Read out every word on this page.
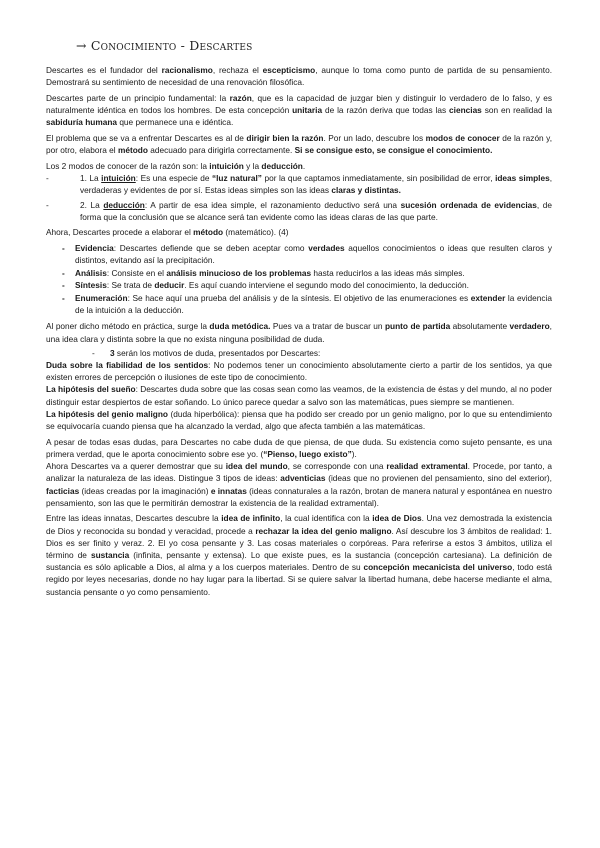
→ Conocimiento - Descartes

Descartes es el fundador del racionalismo, rechaza el escepticismo, aunque lo toma como punto de partida de su pensamiento. Demostrará su sentimiento de necesidad de una renovación filosófica.

Descartes parte de un principio fundamental: la razón, que es la capacidad de juzgar bien y distinguir lo verdadero de lo falso, y es naturalmente idéntica en todos los hombres. De esta concepción unitaria de la razón deriva que todas las ciencias son en realidad la sabiduría humana que permanece una e idéntica.

El problema que se va a enfrentar Descartes es al de dirigir bien la razón. Por un lado, descubre los modos de conocer de la razón y, por otro, elabora el método adecuado para dirigirla correctamente. Si se consigue esto, se consigue el conocimiento.

Los 2 modos de conocer de la razón son: la intuición y la deducción.

-	1. La intuición: Es una especie de “luz natural” por la que captamos inmediatamente, sin posibilidad de error, ideas simples, verdaderas y evidentes de por sí. Estas ideas simples son las ideas claras y distintas.
-	2. La deducción: A partir de esa idea simple, el razonamiento deductivo será una sucesión ordenada de evidencias, de forma que la conclusión que se alcance será tan evidente como las ideas claras de las que parte.

Ahora, Descartes procede a elaborar el método (matemático). (4)

-	Evidencia: Descartes defiende que se deben aceptar como verdades aquellos conocimientos o ideas que resulten claros y distintos, evitando así la precipitación.
-	Análisis: Consiste en el análisis minucioso de los problemas hasta reducirlos a las ideas más simples.
-	Síntesis: Se trata de deducir. Es aquí cuando interviene el segundo modo del conocimiento, la deducción.
-	Enumeración: Se hace aquí una prueba del análisis y de la síntesis. El objetivo de las enumeraciones es extender la evidencia de la intuición a la deducción.

Al poner dicho método en práctica, surge la duda metódica. Pues va a tratar de buscar un punto de partida absolutamente verdadero, una idea clara y distinta sobre la que no exista ninguna posibilidad de duda.

-	3 serán los motivos de duda, presentados por Descartes:

Duda sobre la fiabilidad de los sentidos: No podemos tener un conocimiento absolutamente cierto a partir de los sentidos, ya que existen errores de percepción o ilusiones de este tipo de conocimiento.

La hipótesis del sueño: Descartes duda sobre que las cosas sean como las veamos, de la existencia de éstas y del mundo, al no poder distinguir estar despiertos de estar soñando. Lo único parece quedar a salvo son las matemáticas, pues siempre se mantienen.

La hipótesis del genio maligno (duda hiperbólica): piensa que ha podido ser creado por un genio maligno, por lo que su entendimiento se equivocaría cuando piensa que ha alcanzado la verdad, algo que afecta también a las matemáticas.

A pesar de todas esas dudas, para Descartes no cabe duda de que piensa, de que duda. Su existencia como sujeto pensante, es una primera verdad, que le aporta conocimiento sobre ese yo. (“Pienso, luego existo”).

Ahora Descartes va a querer demostrar que su idea del mundo, se corresponde con una realidad extramental. Procede, por tanto, a analizar la naturaleza de las ideas. Distingue 3 tipos de ideas: adventicias (ideas que no provienen del pensamiento, sino del exterior), facticias (ideas creadas por la imaginación) e innatas (ideas connaturales a la razón, brotan de manera natural y espontánea en nuestro pensamiento, son las que le permitirán demostrar la existencia de la realidad extramental).

Entre las ideas innatas, Descartes descubre la idea de infinito, la cual identifica con la idea de Dios. Una vez demostrada la existencia de Dios y reconocida su bondad y veracidad, procede a rechazar la idea del genio maligno. Así descubre los 3 ámbitos de realidad: 1. Dios es ser finito y veraz. 2. El yo cosa pensante y 3. Las cosas materiales o corpóreas. Para referirse a estos 3 ámbitos, utiliza el término de sustancia (infinita, pensante y extensa). Lo que existe pues, es la sustancia (concepción cartesiana). La definición de sustancia es sólo aplicable a Dios, al alma y a los cuerpos materiales. Dentro de su concepción mecanicista del universo, todo está regido por leyes necesarias, donde no hay lugar para la libertad. Si se quiere salvar la libertad humana, debe hacerse mediante el alma, sustancia pensante o yo como pensamiento.
